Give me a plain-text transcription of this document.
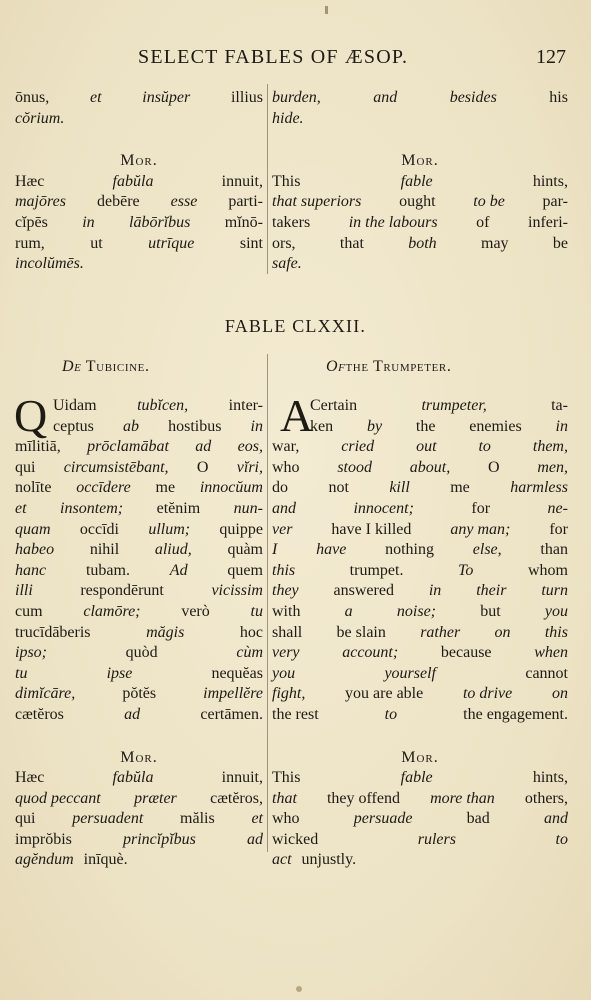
SELECT FABLES OF ÆSOP.	127
ōnus,	et	insŭper	illius
cŏrium.
Mor.
Hæc	fabŭla	innuit,
majōres debēre esse parti-
cĭpēs in lābōrĭbus mĭnō-
rum,	ut	utrīque	sint
incolŭmēs.
burden,	and	besides	his
hide.
Mor.
This	fable	hints,
that superiors ought to be par-
takers in the labours of inferi-
ors,	that	both	may	be
safe.
FABLE CLXXII.
De Tubicine.	Ofthe Trumpeter.
Q	A
Uidam	tubĭcen,	inter-
ceptus ab hostibus in
mīlitiā, prōclamābat ad eos,
qui circumsistēbant, O vĭri,
nolīte occīdere me innocŭum
et insontem; etĕnim nun-
quam occīdi ullum; quippe
habeo nihil aliud, quàm
hanc tubam. Ad quem
illi	respondērunt	vicissim
cum	clamōre;	verò	tu
trucīdāberis	măgis	hoc
ipso;	quòd	cùm
tu	ipse	nequĕas
dimĭcāre,	pŏtĕs	impellĕre
cætĕros	ad	certāmen.
Mor.
Hæc	fabŭla	innuit,
quod peccant præter cætĕros,
qui persuadent mălis et
imprŏbis	princĭpĭbus	ad
agĕndum inīquè.
Certain	trumpeter,	ta-
ken by the enemies in
war,	cried	out	to	them,
who stood about, O men,
do	not	kill	me	harmless
and	innocent;	for	ne-
ver have I killed any man; for
I have nothing else, than
this	trumpet.	To	whom
they answered in their turn
with	a	noise;	but	you
shall be slain rather on this
very	account;	because	when
you	yourself	cannot
fight, you are able to drive on
the rest	to	the engagement.
Mor.
This	fable	hints,
that they offend more than others,
who	persuade	bad	and
wicked	rulers	to
act unjustly.
